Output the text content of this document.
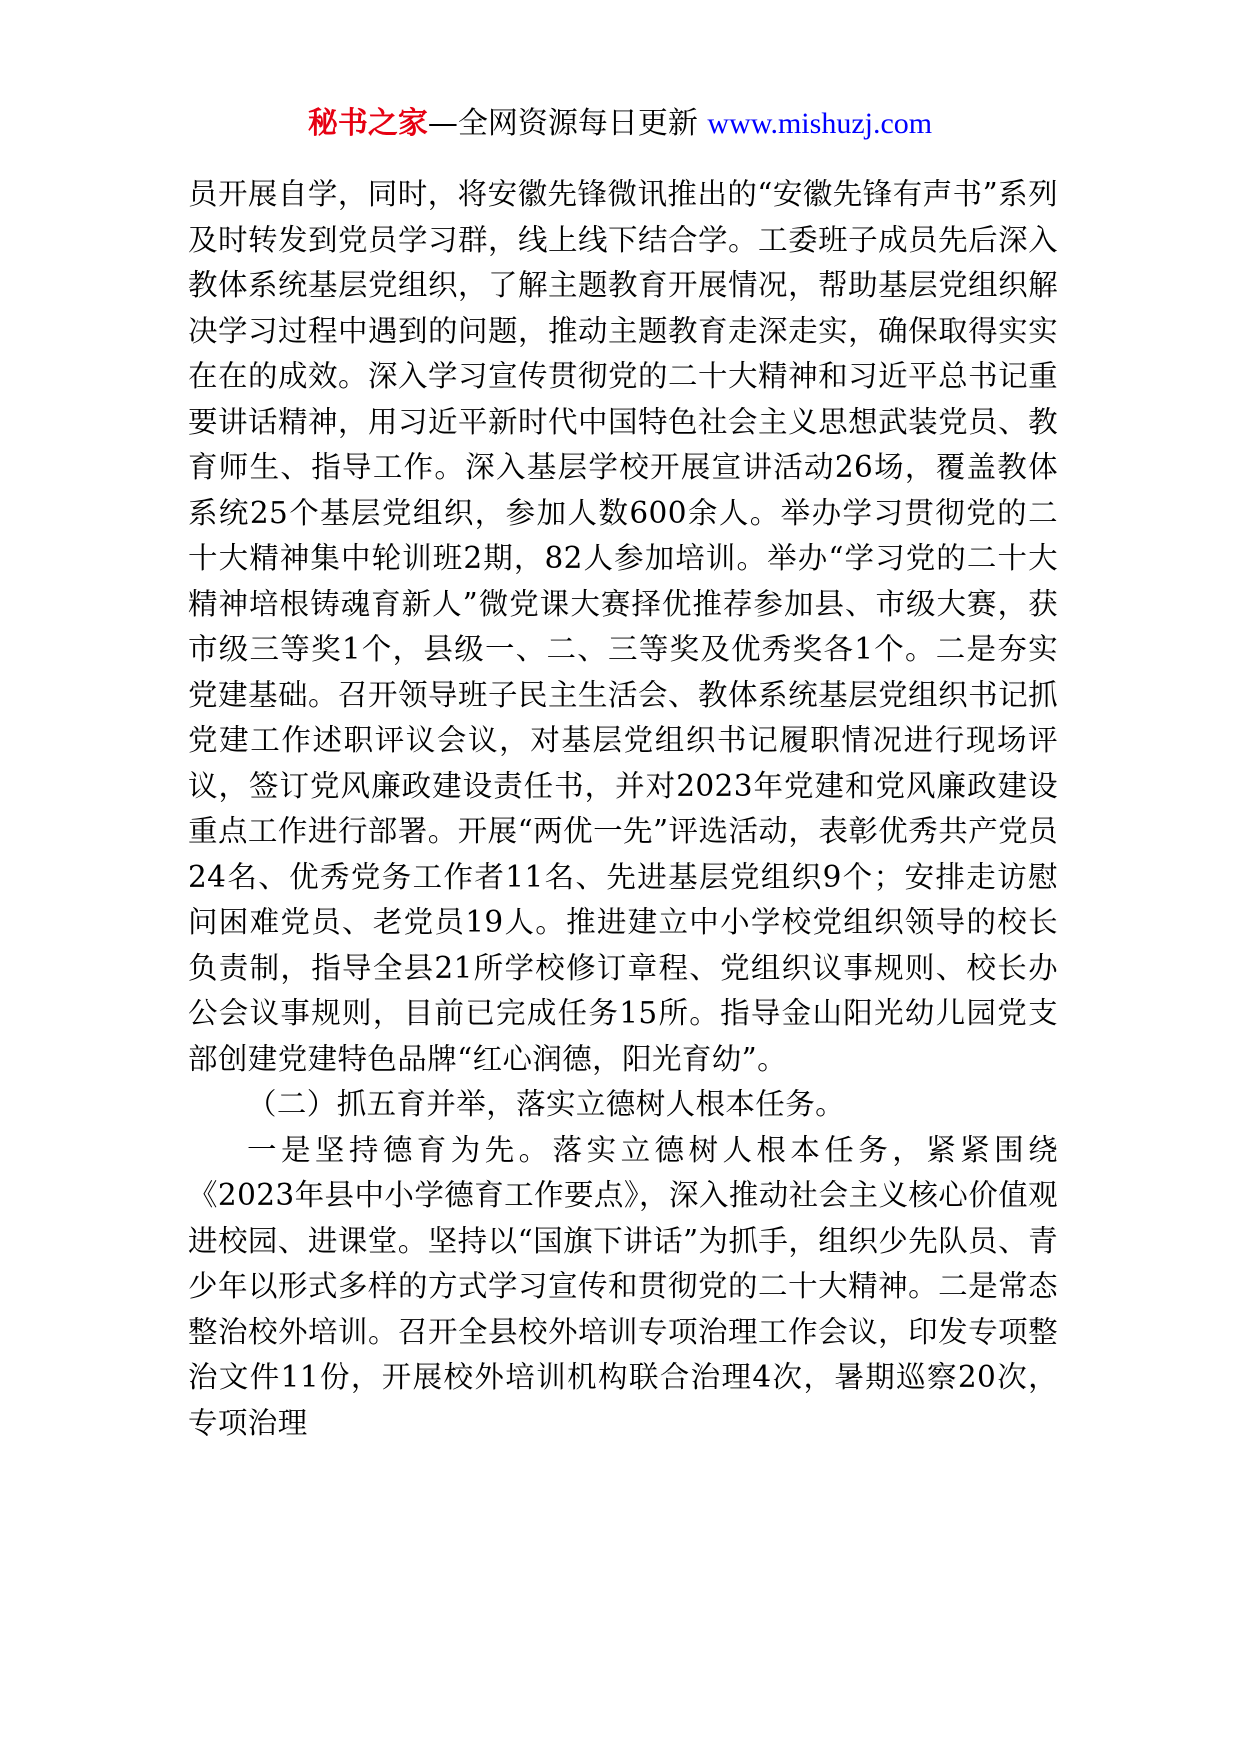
秘书之家—全网资源每日更新 www.mishuzj.com

员开展自学，同时，将安徽先锋微讯推出的“安徽先锋有声书”系列及时转发到党员学习群，线上线下结合学。工委班子成员先后深入教体系统基层党组织，了解主题教育开展情况，帮助基层党组织解决学习过程中遇到的问题，推动主题教育走深走实，确保取得实实在在的成效。深入学习宣传贯彻党的二十大精神和习近平总书记重要讲话精神，用习近平新时代中国特色社会主义思想武装党员、教育师生、指导工作。深入基层学校开展宣讲活动26场，覆盖教体系统25个基层党组织，参加人数600余人。举办学习贯彻党的二十大精神集中轮训班2期，82人参加培训。举办“学习党的二十大精神培根铸魂育新人”微党课大赛择优推荐参加县、市级大赛，获市级三等奖1个，县级一、二、三等奖及优秀奖各1个。二是夯实党建基础。召开领导班子民主生活会、教体系统基层党组织书记抓党建工作述职评议会议，对基层党组织书记履职情况进行现场评议，签订党风廉政建设责任书，并对2023年党建和党风廉政建设重点工作进行部署。开展“两优一先”评选活动，表彰优秀共产党员24名、优秀党务工作者11名、先进基层党组织9个；安排走访慰问困难党员、老党员19人。推进建立中小学校党组织领导的校长负责制，指导全县21所学校修订章程、党组织议事规则、校长办公会议事规则，目前已完成任务15所。指导金山阳光幼儿园党支部创建党建特色品牌“红心润德，阳光育幼”。

（二）抓五育并举，落实立德树人根本任务。

一是坚持德育为先。落实立德树人根本任务，紧紧围绕《2023年县中小学德育工作要点》，深入推动社会主义核心价值观进校园、进课堂。坚持以“国旗下讲话”为抓手，组织少先队员、青少年以形式多样的方式学习宣传和贯彻党的二十大精神。二是常态整治校外培训。召开全县校外培训专项治理工作会议，印发专项整治文件11份，开展校外培训机构联合治理4次，暑期巡察20次，专项治理
